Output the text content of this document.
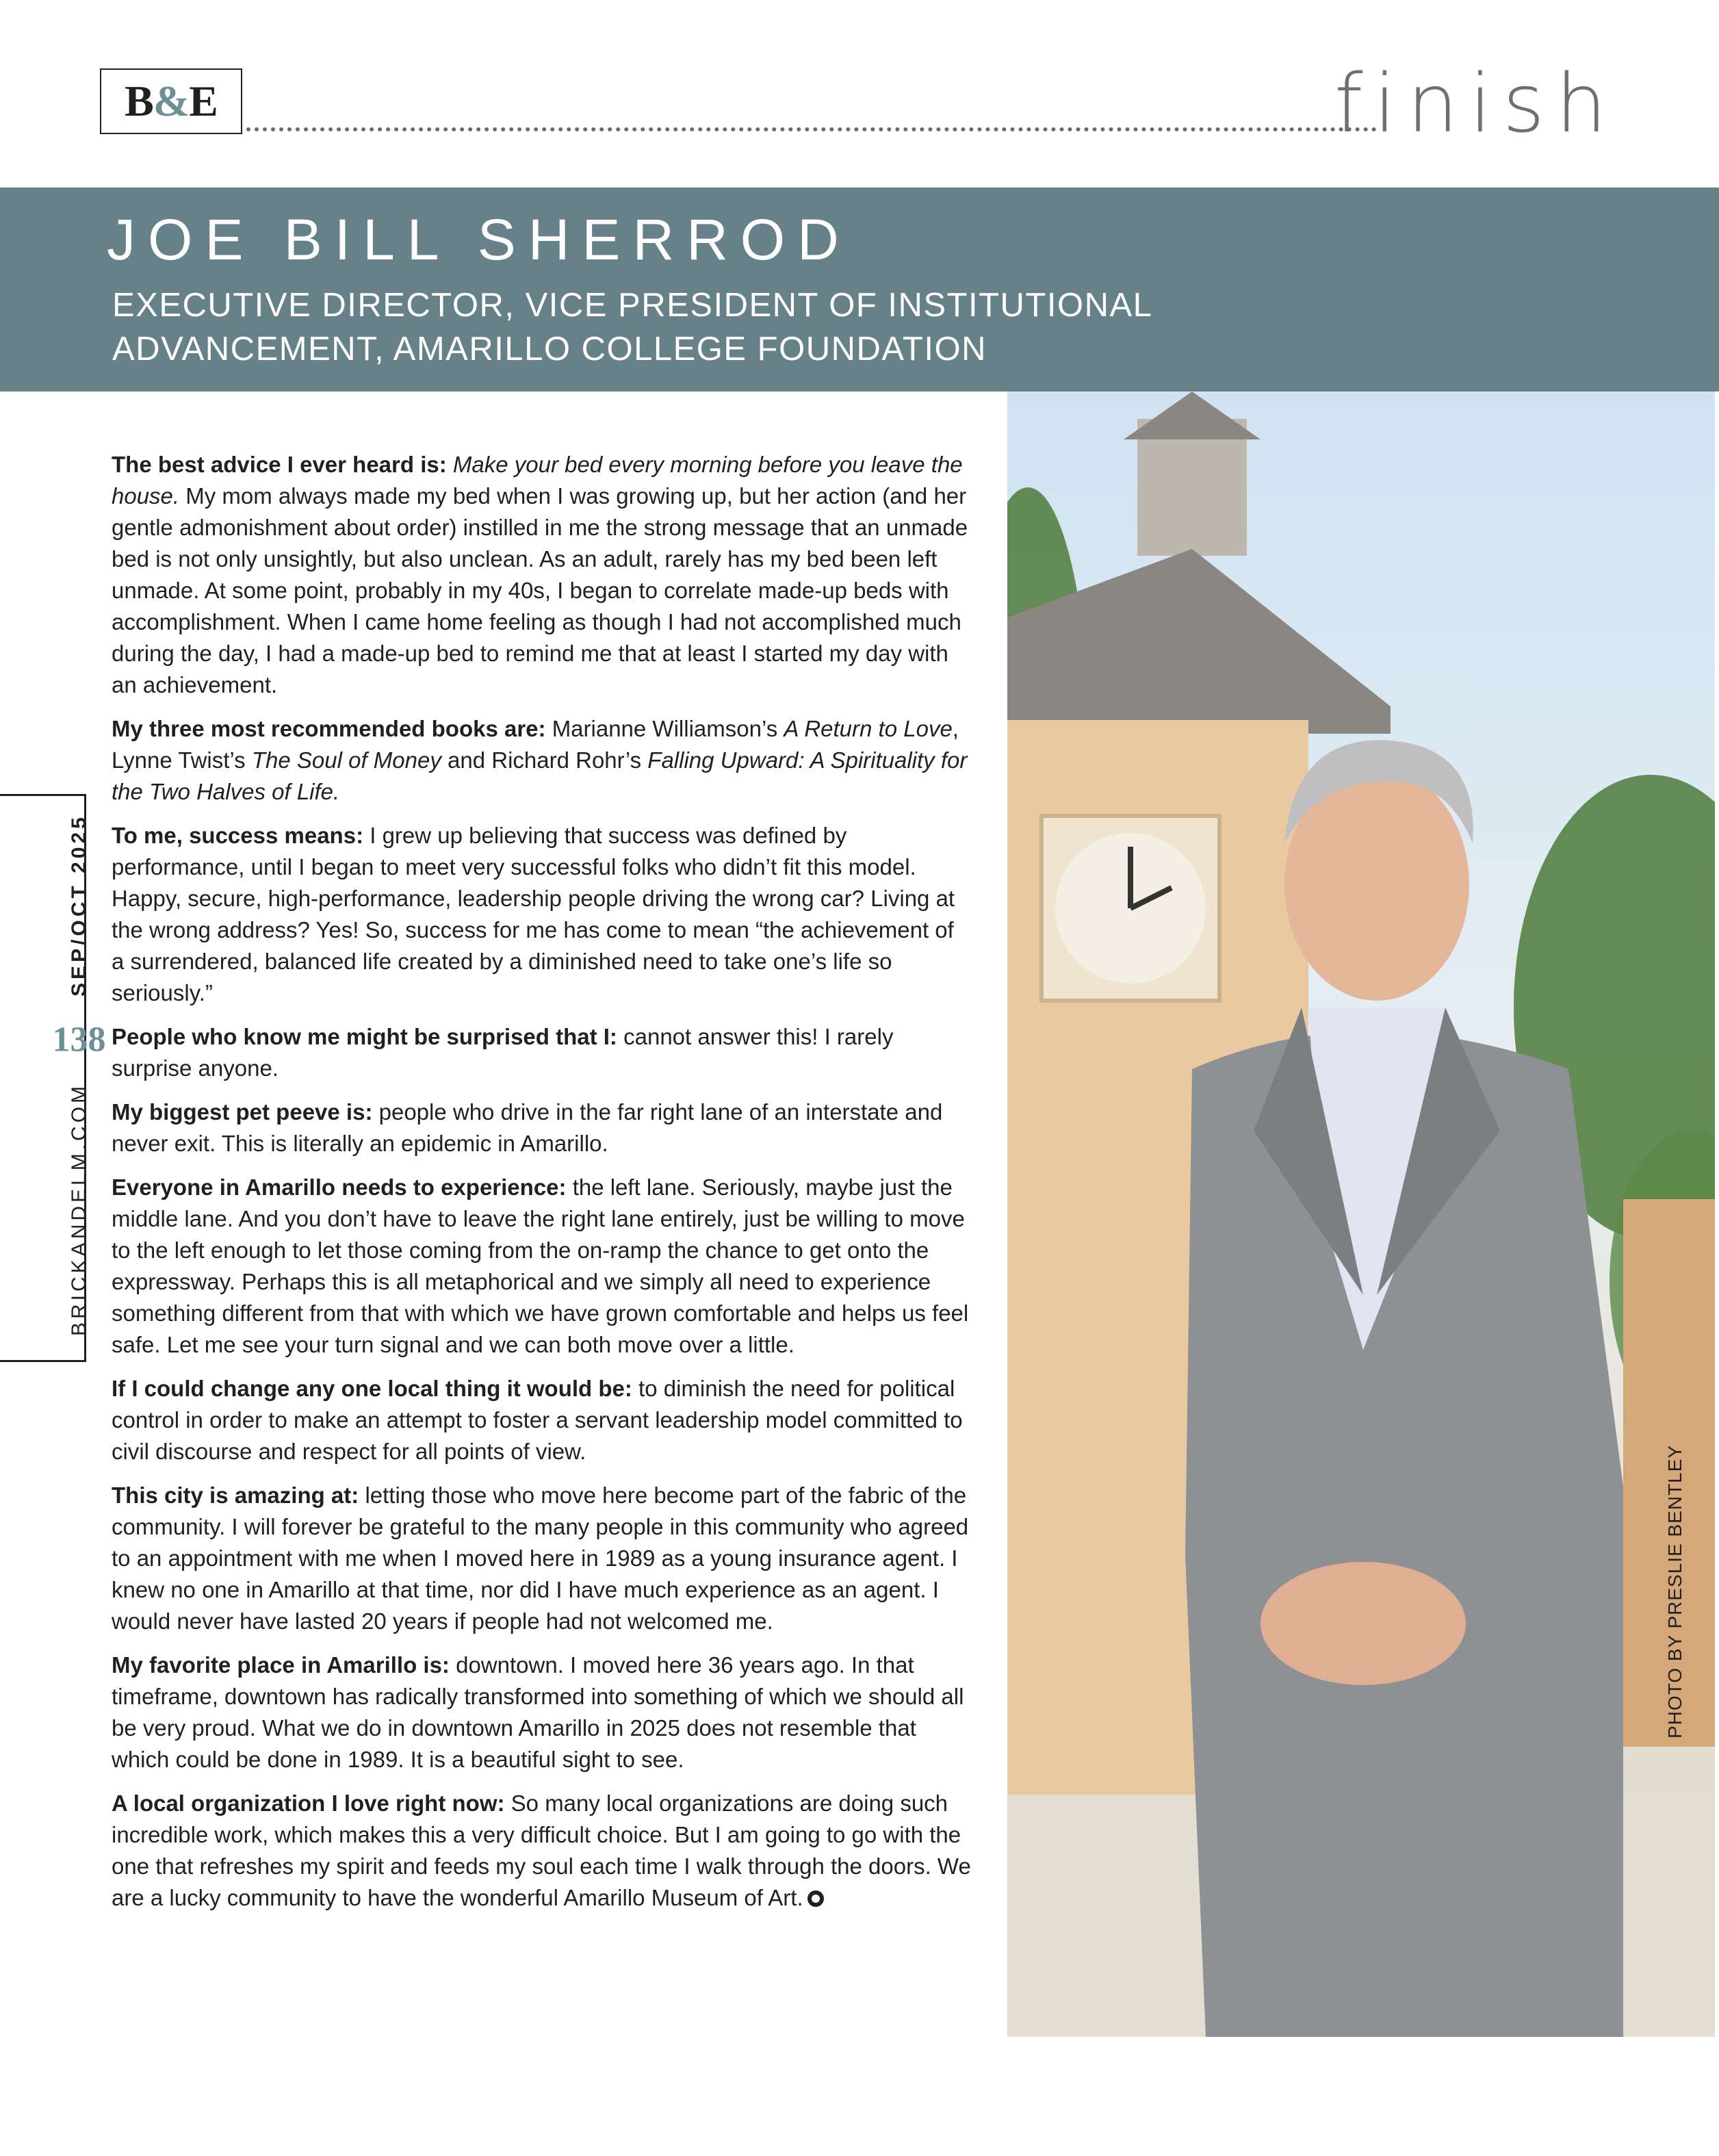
B&E	finish
JOE BILL SHERROD
EXECUTIVE DIRECTOR, VICE PRESIDENT OF INSTITUTIONAL
ADVANCEMENT, AMARILLO COLLEGE FOUNDATION
BRICKANDELM.COM
138
SEP/OCT 2025

The best advice I ever heard is: Make your bed every morning before you leave the house. My mom always made my bed when I was growing up, but her action (and her gentle admonishment about order) instilled in me the strong message that an unmade bed is not only unsightly, but also unclean. As an adult, rarely has my bed been left unmade. At some point, probably in my 40s, I began to correlate made-up beds with accomplishment. When I came home feeling as though I had not accomplished much during the day, I had a made-up bed to remind me that at least I started my day with an achievement.

My three most recommended books are: Marianne Williamson’s A Return to Love, Lynne Twist’s The Soul of Money and Richard Rohr’s Falling Upward: A Spirituality for the Two Halves of Life.

To me, success means: I grew up believing that success was defined by performance, until I began to meet very successful folks who didn’t fit this model. Happy, secure, high-performance, leadership people driving the wrong car? Living at the wrong address? Yes! So, success for me has come to mean “the achievement of a surrendered, balanced life created by a diminished need to take one’s life so seriously.”

People who know me might be surprised that I: cannot answer this! I rarely surprise anyone.

My biggest pet peeve is: people who drive in the far right lane of an interstate and never exit. This is literally an epidemic in Amarillo.

Everyone in Amarillo needs to experience: the left lane. Seriously, maybe just the middle lane. And you don’t have to leave the right lane entirely, just be willing to move to the left enough to let those coming from the on-ramp the chance to get onto the expressway. Perhaps this is all metaphorical and we simply all need to experience something different from that with which we have grown comfortable and helps us feel safe. Let me see your turn signal and we can both move over a little.

If I could change any one local thing it would be: to diminish the need for political control in order to make an attempt to foster a servant leadership model committed to civil discourse and respect for all points of view.

This city is amazing at: letting those who move here become part of the fabric of the community. I will forever be grateful to the many people in this community who agreed to an appointment with me when I moved here in 1989 as a young insurance agent. I knew no one in Amarillo at that time, nor did I have much experience as an agent. I would never have lasted 20 years if people had not welcomed me.

My favorite place in Amarillo is: downtown. I moved here 36 years ago. In that timeframe, downtown has radically transformed into something of which we should all be very proud. What we do in downtown Amarillo in 2025 does not resemble that which could be done in 1989. It is a beautiful sight to see.

A local organization I love right now: So many local organizations are doing such incredible work, which makes this a very difficult choice. But I am going to go with the one that refreshes my spirit and feeds my soul each time I walk through the doors. We are a lucky community to have the wonderful Amarillo Museum of Art.

PHOTO BY PRESLIE BENTLEY
